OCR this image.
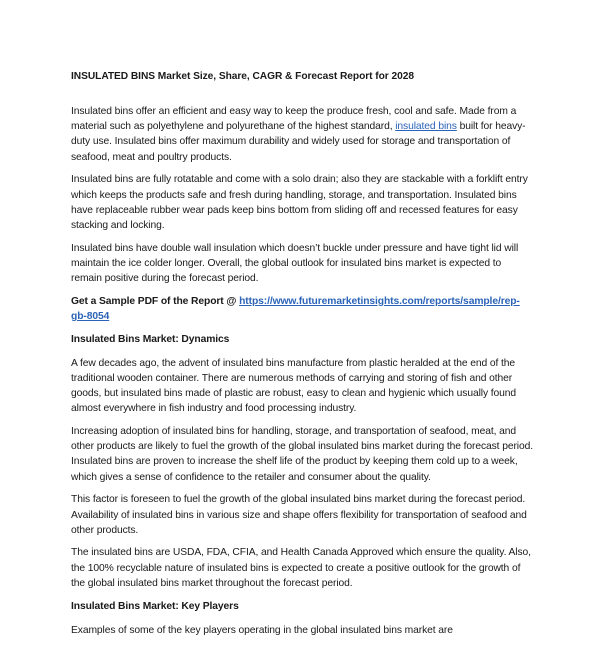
INSULATED BINS Market Size, Share, CAGR & Forecast Report for 2028

Insulated bins offer an efficient and easy way to keep the produce fresh, cool and safe. Made from a material such as polyethylene and polyurethane of the highest standard, insulated bins built for heavy-duty use. Insulated bins offer maximum durability and widely used for storage and transportation of seafood, meat and poultry products.

Insulated bins are fully rotatable and come with a solo drain; also they are stackable with a forklift entry which keeps the products safe and fresh during handling, storage, and transportation. Insulated bins have replaceable rubber wear pads keep bins bottom from sliding off and recessed features for easy stacking and locking.

Insulated bins have double wall insulation which doesn’t buckle under pressure and have tight lid will maintain the ice colder longer. Overall, the global outlook for insulated bins market is expected to remain positive during the forecast period.

Get a Sample PDF of the Report @ https://www.futuremarketinsights.com/reports/sample/rep-gb-8054
Insulated Bins Market: Dynamics

A few decades ago, the advent of insulated bins manufacture from plastic heralded at the end of the traditional wooden container. There are numerous methods of carrying and storing of fish and other goods, but insulated bins made of plastic are robust, easy to clean and hygienic which usually found almost everywhere in fish industry and food processing industry.

Increasing adoption of insulated bins for handling, storage, and transportation of seafood, meat, and other products are likely to fuel the growth of the global insulated bins market during the forecast period. Insulated bins are proven to increase the shelf life of the product by keeping them cold up to a week, which gives a sense of confidence to the retailer and consumer about the quality.

This factor is foreseen to fuel the growth of the global insulated bins market during the forecast period. Availability of insulated bins in various size and shape offers flexibility for transportation of seafood and other products.

The insulated bins are USDA, FDA, CFIA, and Health Canada Approved which ensure the quality. Also, the 100% recyclable nature of insulated bins is expected to create a positive outlook for the growth of the global insulated bins market throughout the forecast period.

Insulated Bins Market: Key Players

Examples of some of the key players operating in the global insulated bins market are
